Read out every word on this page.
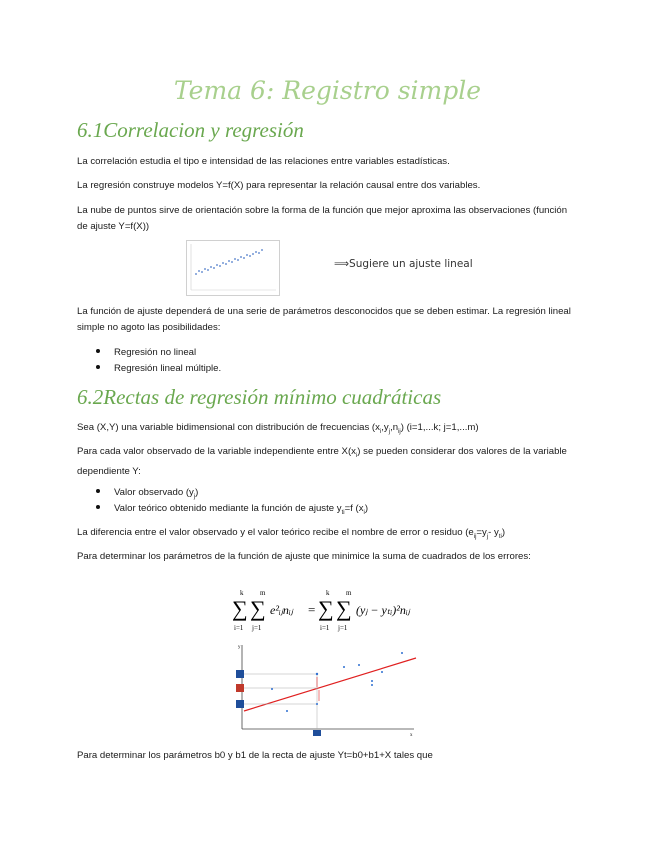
Tema 6: Registro simple
6.1Correlacion y regresión
La correlación estudia el tipo e intensidad de las relaciones entre variables estadísticas.
La regresión construye modelos Y=f(X) para representar la relación causal entre dos variables.
La nube de puntos sirve de orientación sobre la forma de la función que mejor aproxima las observaciones (función de ajuste Y=f(X))
⟹Sugiere un ajuste lineal
La función de ajuste dependerá de una serie de parámetros desconocidos que se deben estimar. La regresión lineal simple no agoto las posibilidades:
Regresión no lineal
Regresión lineal múltiple.
6.2Rectas de regresión mínimo cuadráticas
Sea (X,Y) una variable bidimensional con distribución de frecuencias $(x_i,y_j,n_{ij})$ (i=1,...k; j=1,...m)
Para cada valor observado de la variable independiente entre $X(x_i)$ se pueden considerar dos valores de la variable dependiente Y:
Valor observado $(y_j)$
Valor teórico obtenido mediante la función de ajuste $y_{ti}=f$ $(x_i)$
La diferencia entre el valor observado y el valor teórico recibe el nombre de error o residuo ($e_{ij}=y_j-$ $y_{ti}$)
Para determinar los parámetros de la función de ajuste que minimice la suma de cuadrados de los errores:
k m
∑ ∑
i=1 j=1
e²ᵢⱼnᵢⱼ =
k m
∑ ∑
i=1 j=1
(yⱼ − yₜᵢ)²nᵢⱼ
y
x
Para determinar los parámetros b0 y b1 de la recta de ajuste Yt=b0+b1+X tales que
